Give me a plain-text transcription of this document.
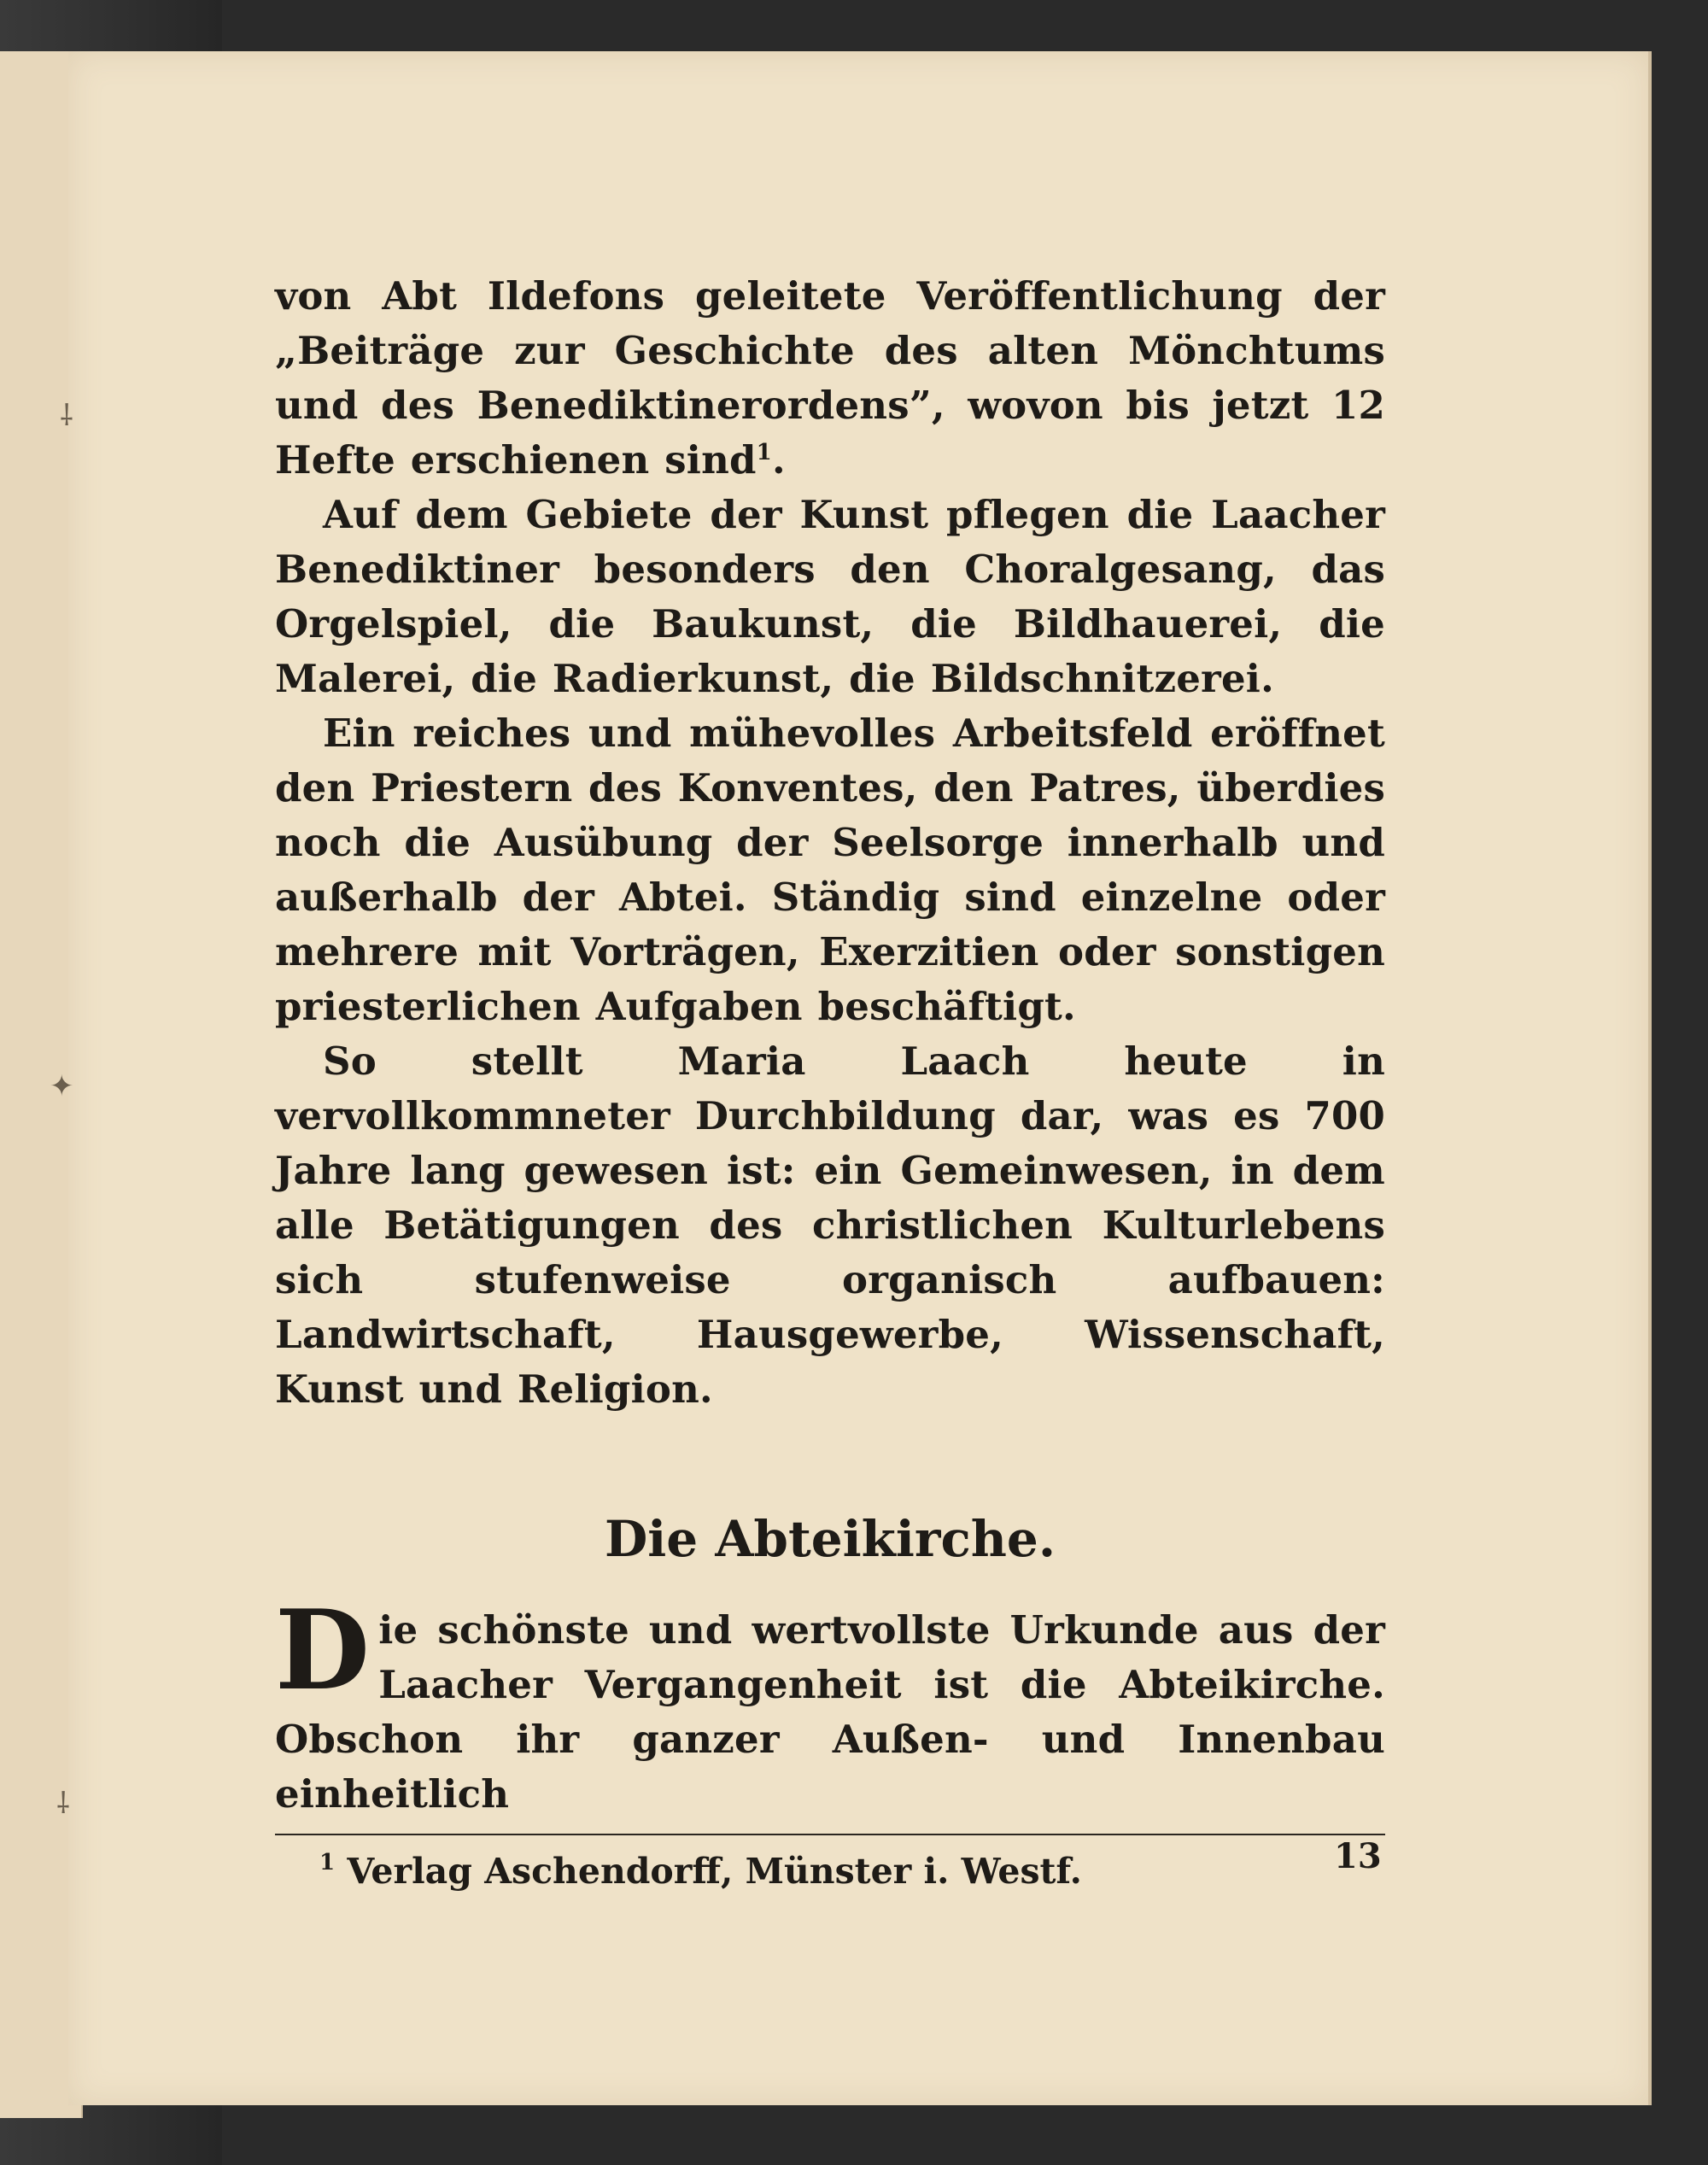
⸸
✦
⸸

von Abt Ildefons geleitete Veröffentlichung der „Beiträge zur Geschichte des alten Mönchtums und des Benediktinerordens”, wovon bis jetzt 12 Hefte erschienen sind$^1$.

Auf dem Gebiete der Kunst pflegen die Laacher Benediktiner besonders den Choralgesang, das Orgelspiel, die Baukunst, die Bildhauerei, die Malerei, die Radierkunst, die Bildschnitzerei.

Ein reiches und mühevolles Arbeitsfeld eröffnet den Priestern des Konventes, den Patres, überdies noch die Ausübung der Seelsorge innerhalb und außerhalb der Abtei. Ständig sind einzelne oder mehrere mit Vorträgen, Exerzitien oder sonstigen priesterlichen Aufgaben beschäftigt.

So stellt Maria Laach heute in vervollkommneter Durchbildung dar, was es 700 Jahre lang gewesen ist: ein Gemeinwesen, in dem alle Betätigungen des christlichen Kulturlebens sich stufenweise organisch aufbauen: Landwirtschaft, Hausgewerbe, Wissenschaft, Kunst und Religion.

Die Abteikirche.

Die schönste und wertvollste Urkunde aus der Laacher Vergangenheit ist die Abteikirche. Obschon ihr ganzer Außen- und Innenbau einheitlich

$^1$ Verlag Aschendorff, Münster i. Westf.	13
